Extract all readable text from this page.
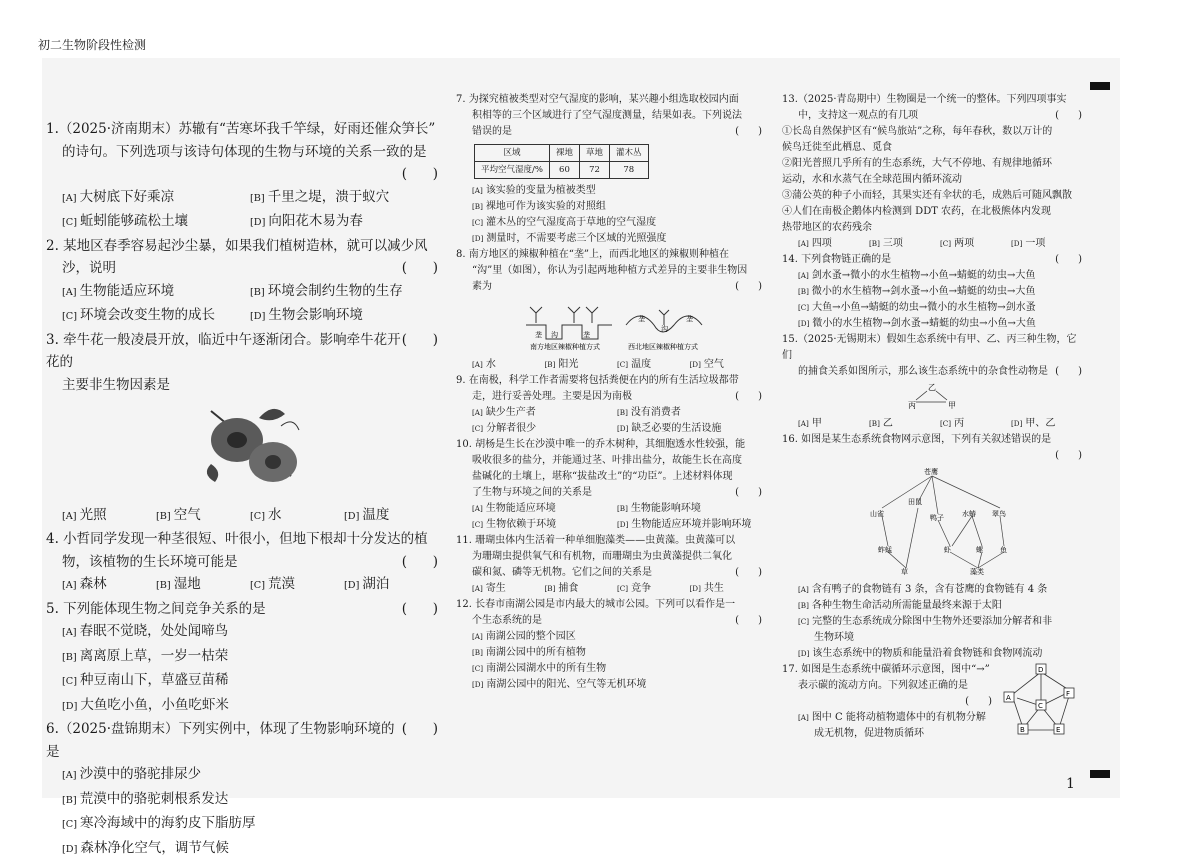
初二生物阶段性检测
1
1.（2025·济南期末）苏辙有“苦寒坏我千竿绿，好雨还催众笋长”
的诗句。下列选项与该诗句体现的生物与环境的关系一致的是
(      )
[A] 大树底下好乘凉	[B] 千里之堤，溃于蚁穴
[C] 蚯蚓能够疏松土壤	[D] 向阳花木易为春
2. 某地区春季容易起沙尘暴，如果我们植树造林，就可以减少风
沙，说明	(      )
[A] 生物能适应环境	[B] 环境会制约生物的生存
[C] 环境会改变生物的成长	[D] 生物会影响环境
3. 牵牛花一般凌晨开放，临近中午逐渐闭合。影响牵牛花开花的
(      )
主要非生物因素是
[A] 光照	[B] 空气	[C] 水	[D] 温度
4. 小哲同学发现一种茎很短、叶很小，但地下根却十分发达的植
物，该植物的生长环境可能是	(      )
[A] 森林	[B] 湿地	[C] 荒漠	[D] 湖泊
5. 下列能体现生物之间竞争关系的是	(      )
[A] 春眠不觉晓，处处闻啼鸟
[B] 离离原上草，一岁一枯荣
[C] 种豆南山下，草盛豆苗稀
[D] 大鱼吃小鱼，小鱼吃虾米
6.（2025·盘锦期末）下列实例中，体现了生物影响环境的是
(      )
[A] 沙漠中的骆驼排尿少
[B] 荒漠中的骆驼刺根系发达
[C] 寒冷海域中的海豹皮下脂肪厚
[D] 森林净化空气，调节气候
7. 为探究植被类型对空气湿度的影响，某兴趣小组选取校园内面
积相等的三个区域进行了空气湿度测量，结果如表。下列说法
错误的是	(      )
区域	裸地	草地	灌木丛
平均空气湿度/%	60	72	78
[A] 该实验的变量为植被类型
[B] 裸地可作为该实验的对照组
[C] 灌木丛的空气湿度高于草地的空气湿度
[D] 测量时，不需要考虑三个区域的光照强度
8. 南方地区的辣椒种植在“垄”上，而西北地区的辣椒则种植在
“沟”里（如图），你认为引起两地种植方式差异的主要非生物因
素为	(      )
垄 沟	垄
垄
沟
垄
南方地区辣椒种植方式	西北地区辣椒种植方式
[A] 水	[B] 阳光	[C] 温度	[D] 空气
9. 在南极，科学工作者需要将包括粪便在内的所有生活垃圾都带
走，进行妥善处理。主要是因为南极	(      )
[A] 缺少生产者	[B] 没有消费者
[C] 分解者很少	[D] 缺乏必要的生活设施
10. 胡杨是生长在沙漠中唯一的乔木树种，其细胞透水性较强，能
吸收很多的盐分，并能通过茎、叶排出盐分，故能生长在高度
盐碱化的土壤上，堪称“拔盐改土”的“功臣”。上述材料体现
了生物与环境之间的关系是	(      )
[A] 生物能适应环境	[B] 生物能影响环境
[C] 生物依赖于环境	[D] 生物能适应环境并影响环境
11. 珊瑚虫体内生活着一种单细胞藻类——虫黄藻。虫黄藻可以
为珊瑚虫提供氧气和有机物，而珊瑚虫为虫黄藻提供二氧化
碳和氮、磷等无机物。它们之间的关系是	(      )
[A] 寄生	[B] 捕食	[C] 竞争	[D] 共生
12. 长春市南湖公园是市内最大的城市公园。下列可以看作是一
个生态系统的是	(      )
[A] 南湖公园的整个园区
[B] 南湖公园中的所有植物
[C] 南湖公园湖水中的所有生物
[D] 南湖公园中的阳光、空气等无机环境
13.（2025·青岛期中）生物圈是一个统一的整体。下列四项事实
中，支持这一观点的有几项	(      )
①长岛自然保护区有“候鸟旅站”之称，每年春秋，数以万计的
候鸟迁徙至此栖息、觅食
②阳光普照几乎所有的生态系统，大气不停地、有规律地循环
运动，水和水蒸气在全球范围内循环流动
③蒲公英的种子小而轻，其果实还有伞状的毛，成熟后可随风飘散
④人们在南极企鹅体内检测到 DDT 农药，在北极熊体内发现
热带地区的农药残余
[A] 四项	[B] 三项	[C] 两项	[D] 一项
14. 下列食物链正确的是	(      )
[A] 剑水蚤→微小的水生植物→小鱼→蜻蜓的幼虫→大鱼
[B] 微小的水生植物→剑水蚤→小鱼→蜻蜓的幼虫→大鱼
[C] 大鱼→小鱼→蜻蜓的幼虫→微小的水生植物→剑水蚤
[D] 微小的水生植物→剑水蚤→蜻蜓的幼虫→小鱼→大鱼
15.（2025·无锡期末）假如生态系统中有甲、乙、丙三种生物，它们
的捕食关系如图所示，那么该生态系统中的杂食性动物是 (      )
乙
丙	甲
[A] 甲	[B] 乙	[C] 丙	[D] 甲、乙
16. 如图是某生态系统食物网示意图，下列有关叙述错误的是
(      )
苍鹰
山雀
田鼠
鸭子	水蝽 翠鸟
蚱蜢	虾	螺 鱼
草	藻类
[A] 含有鸭子的食物链有 3 条，含有苍鹰的食物链有 4 条
[B] 各种生物生命活动所需能量最终来源于太阳
[C] 完整的生态系统成分除图中生物外还要添加分解者和非
生物环境
[D] 该生态系统中的物质和能量沿着食物链和食物网流动
17. 如图是生态系统中碳循环示意图，图中“→”
表示碳的流动方向。下列叙述正确的是
(      )
[A] 图中 C 能将动植物遗体中的有机物分解
成无机物，促进物质循环
D
A	F
C
B	E
